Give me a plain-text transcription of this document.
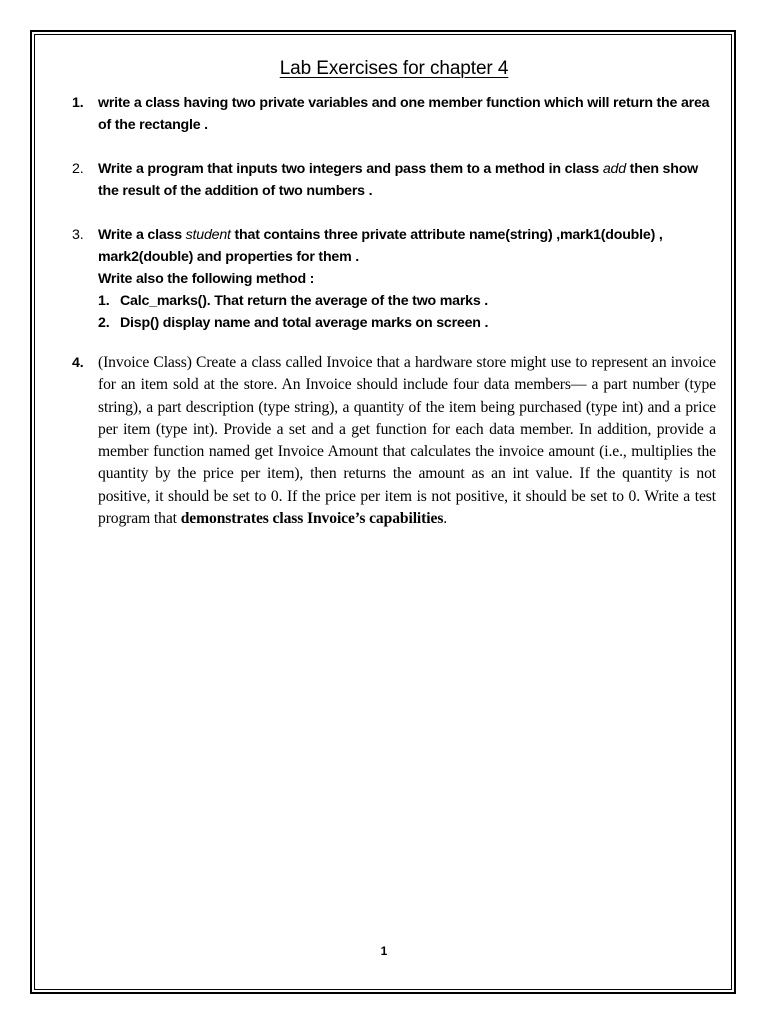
Lab Exercises for chapter 4
1.	write a class having two private variables and one member function which will return the area of the rectangle .
2.	Write a program that inputs two integers and pass them to a method in class add then show the result of the addition of two numbers .
3.	Write a class student that contains three private attribute name(string) ,mark1(double) , mark2(double) and properties for them .
Write also the following method :
1. Calc_marks(). That return the average of the two marks .
2. Disp() display name and total average marks on screen .
4. (Invoice Class) Create a class called Invoice that a hardware store might use to represent an invoice for an item sold at the store. An Invoice should include four data members— a part number (type string), a part description (type string), a quantity of the item being purchased (type int) and a price per item (type int). Provide a set and a get function for each data member. In addition, provide a member function named get Invoice Amount that calculates the invoice amount (i.e., multiplies the quantity by the price per item), then returns the amount as an int value. If the quantity is not positive, it should be set to 0. If the price per item is not positive, it should be set to 0. Write a test program that demonstrates class Invoice’s capabilities.
1
